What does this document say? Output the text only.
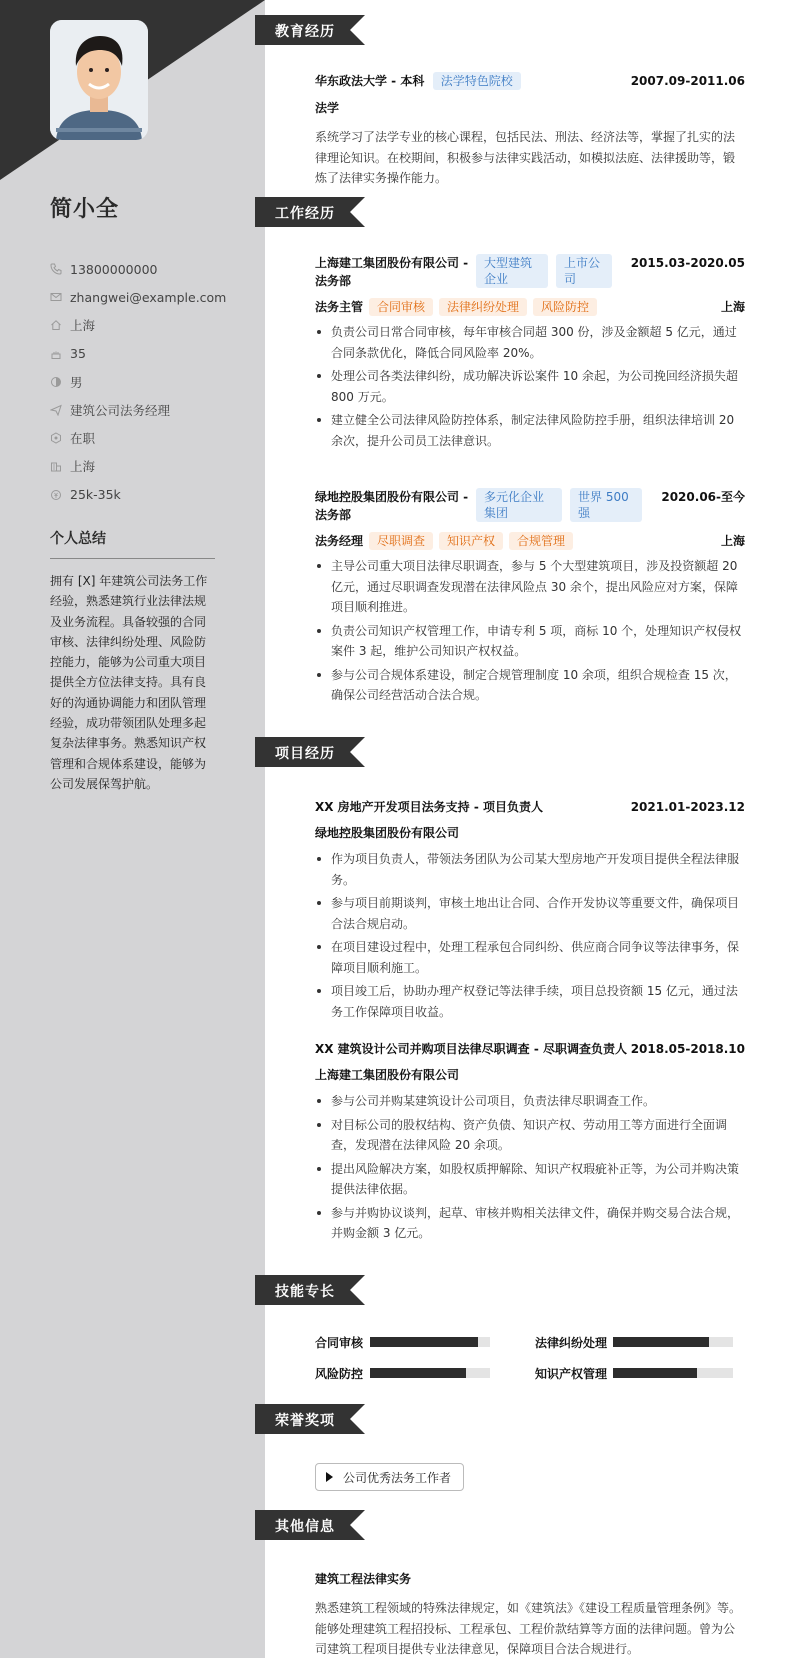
简小全
13800000000
zhangwei@example.com
上海
35
男
建筑公司法务经理
在职
上海
25k-35k
个人总结
拥有 [X] 年建筑公司法务工作经验，熟悉建筑行业法律法规及业务流程。具备较强的合同审核、法律纠纷处理、风险防控能力，能够为公司重大项目提供全方位法律支持。具有良好的沟通协调能力和团队管理经验，成功带领团队处理多起复杂法律事务。熟悉知识产权管理和合规体系建设，能够为公司发展保驾护航。
教育经历
华东政法大学 - 本科 法学特色院校	2007.09-2011.06
法学
系统学习了法学专业的核心课程，包括民法、刑法、经济法等，掌握了扎实的法律理论知识。在校期间，积极参与法律实践活动，如模拟法庭、法律援助等，锻炼了法律实务操作能力。
工作经历
上海建工集团股份有限公司 - 法务部
大型建筑企业
上市公司
2015.03-2020.05
法务主管 合同审核 法律纠纷处理 风险防控	上海
负责公司日常合同审核，每年审核合同超 300 份，涉及金额超 5 亿元，通过合同条款优化，降低合同风险率 20%。
处理公司各类法律纠纷，成功解决诉讼案件 10 余起，为公司挽回经济损失超 800 万元。
建立健全公司法律风险防控体系，制定法律风险防控手册，组织法律培训 20 余次，提升公司员工法律意识。
绿地控股集团股份有限公司 - 法务部
多元化企业集团
世界 500 强
2020.06-至今
法务经理 尽职调查 知识产权 合规管理	上海
主导公司重大项目法律尽职调查，参与 5 个大型建筑项目，涉及投资额超 20 亿元，通过尽职调查发现潜在法律风险点 30 余个，提出风险应对方案，保障项目顺利推进。
负责公司知识产权管理工作，申请专利 5 项，商标 10 个，处理知识产权侵权案件 3 起，维护公司知识产权权益。
参与公司合规体系建设，制定合规管理制度 10 余项，组织合规检查 15 次，确保公司经营活动合法合规。
项目经历
XX 房地产开发项目法务支持 - 项目负责人	2021.01-2023.12
绿地控股集团股份有限公司
作为项目负责人，带领法务团队为公司某大型房地产开发项目提供全程法律服务。
参与项目前期谈判，审核土地出让合同、合作开发协议等重要文件，确保项目合法合规启动。
在项目建设过程中，处理工程承包合同纠纷、供应商合同争议等法律事务，保障项目顺利施工。
项目竣工后，协助办理产权登记等法律手续，项目总投资额 15 亿元，通过法务工作保障项目收益。
XX 建筑设计公司并购项目法律尽职调查 - 尽职调查负责人 2018.05-2018.10
上海建工集团股份有限公司
参与公司并购某建筑设计公司项目，负责法律尽职调查工作。
对目标公司的股权结构、资产负债、知识产权、劳动用工等方面进行全面调查，发现潜在法律风险 20 余项。
提出风险解决方案，如股权质押解除、知识产权瑕疵补正等，为公司并购决策提供法律依据。
参与并购协议谈判，起草、审核并购相关法律文件，确保并购交易合法合规，并购金额 3 亿元。
技能专长
合同审核	法律纠纷处理
风险防控	知识产权管理
荣誉奖项
公司优秀法务工作者
其他信息
建筑工程法律实务
熟悉建筑工程领域的特殊法律规定，如《建筑法》《建设工程质量管理条例》等。能够处理建筑工程招投标、工程承包、工程价款结算等方面的法律问题。曾为公司建筑工程项目提供专业法律意见，保障项目合法合规进行。
